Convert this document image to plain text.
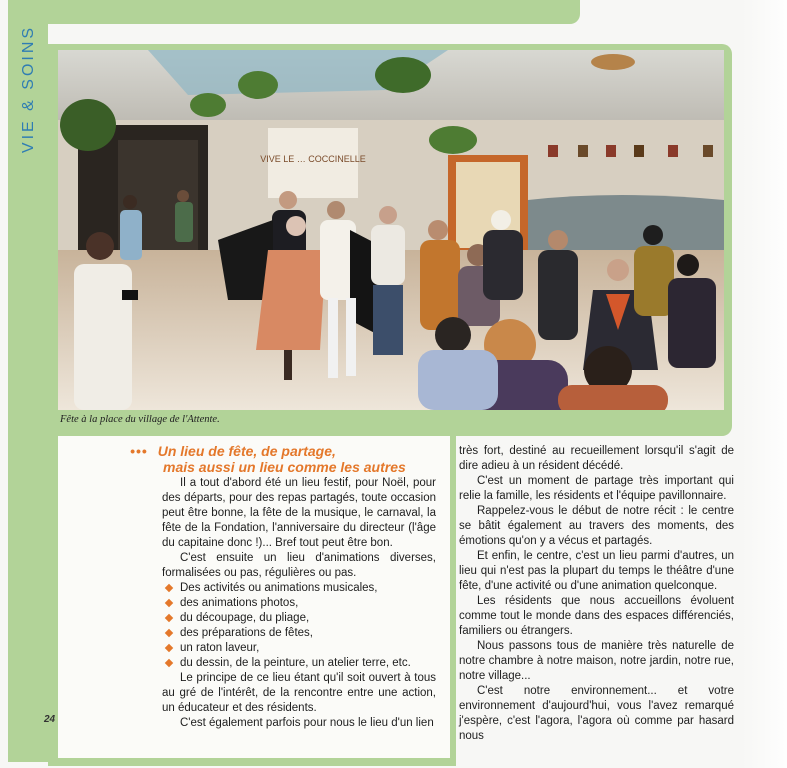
VIE & SOINS
VIVE LE … COCCINELLE
Fête à la place du village de l'Attente.
24
••• Un lieu de fête, de partage,
mais aussi un lieu comme les autres

Il a tout d'abord été un lieu festif, pour Noël, pour des départs, pour des repas partagés, toute occasion peut être bonne, la fête de la musique, le carnaval, la fête de la Fondation, l'anniversaire du directeur (l'âge du capitaine donc !)... Bref tout peut être bon.

C'est ensuite un lieu d'animations diverses, formalisées ou pas, régulières ou pas.

Des activités ou animations musicales,
des animations photos,
du découpage, du pliage,
des préparations de fêtes,
un raton laveur,
du dessin, de la peinture, un atelier terre, etc.

Le principe de ce lieu étant qu'il soit ouvert à tous au gré de l'intérêt, de la rencontre entre une action, un éducateur et des résidents.

C'est également parfois pour nous le lieu d'un lien

très fort, destiné au recueillement lorsqu'il s'agit de dire adieu à un résident décédé.

C'est un moment de partage très important qui relie la famille, les résidents et l'équipe pavillonnaire.

Rappelez-vous le début de notre récit : le centre se bâtit également au travers des moments, des émotions qu'on y a vécus et partagés.

Et enfin, le centre, c'est un lieu parmi d'autres, un lieu qui n'est pas la plupart du temps le théâtre d'une fête, d'une activité ou d'une animation quelconque.

Les résidents que nous accueillons évoluent comme tout le monde dans des espaces différenciés, familiers ou étrangers.

Nous passons tous de manière très naturelle de notre chambre à notre maison, notre jardin, notre rue, notre village...

C'est notre environnement... et votre environnement d'aujourd'hui, vous l'avez remarqué j'espère, c'est l'agora, l'agora où comme par hasard nous
